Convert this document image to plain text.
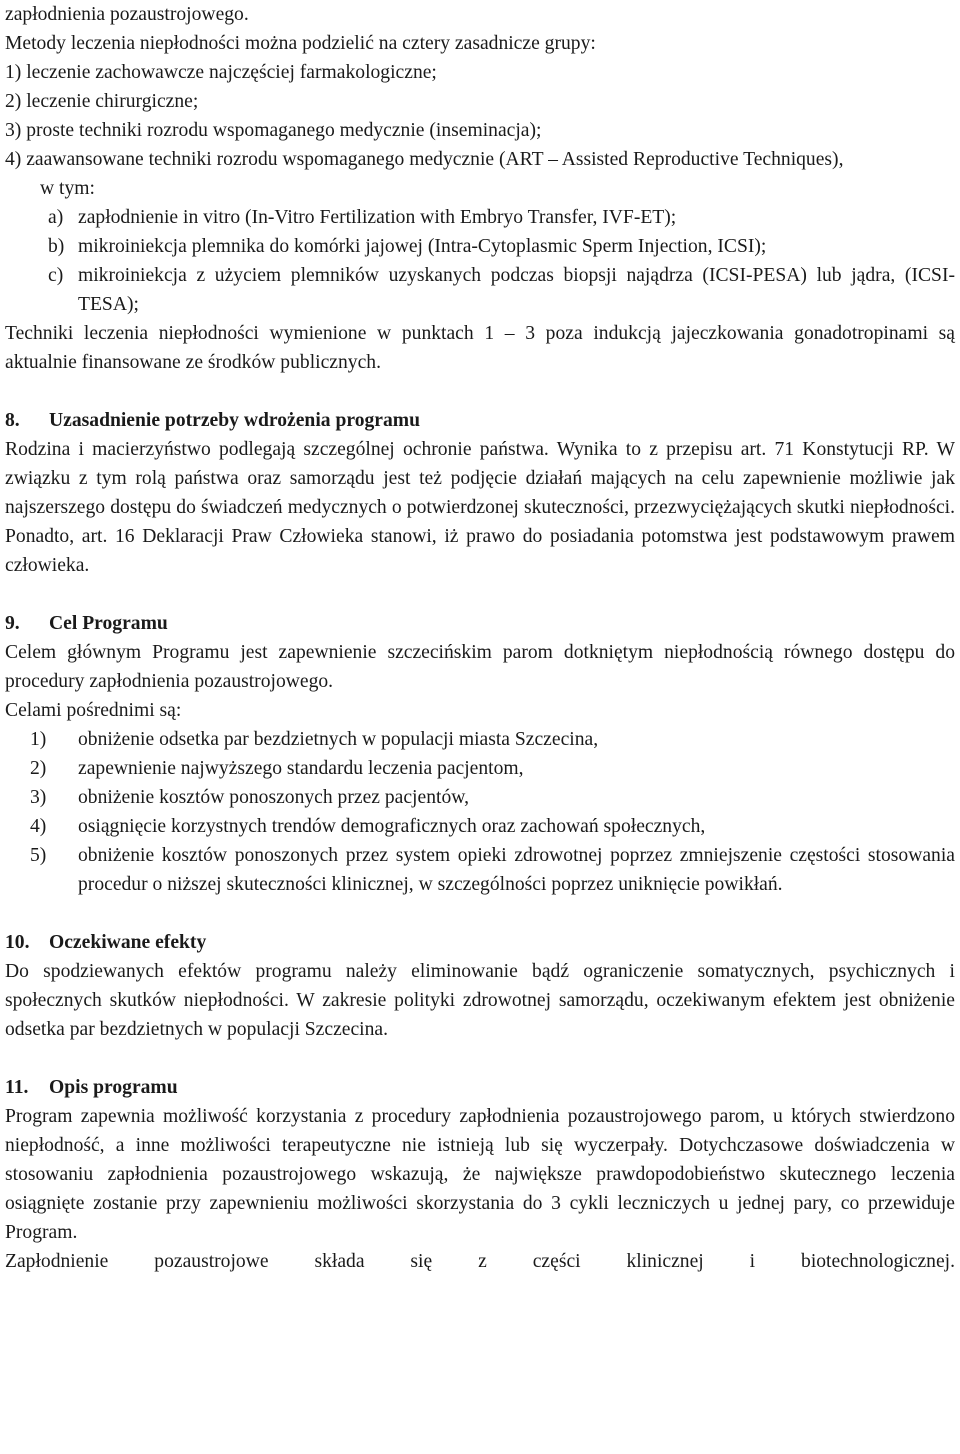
zapłodnienia pozaustrojowego.

Metody leczenia niepłodności można podzielić na cztery zasadnicze grupy:

1) leczenie zachowawcze najczęściej farmakologiczne;
2) leczenie chirurgiczne;
3) proste techniki rozrodu wspomaganego medycznie (inseminacja);
4) zaawansowane techniki rozrodu wspomaganego medycznie (ART – Assisted Reproductive Techniques),

w tym:

a) zapłodnienie in vitro (In-Vitro Fertilization with Embryo Transfer, IVF-ET);
b) mikroiniekcja plemnika do komórki jajowej (Intra-Cytoplasmic Sperm Injection, ICSI);
c) mikroiniekcja z użyciem plemników uzyskanych podczas biopsji najądrza (ICSI-PESA) lub jądra, (ICSI-TESA);

Techniki leczenia niepłodności wymienione w punktach 1 – 3 poza indukcją jajeczkowania gonadotropinami są aktualnie finansowane ze środków publicznych.

8. Uzasadnienie potrzeby wdrożenia programu

Rodzina i macierzyństwo podlegają szczególnej ochronie państwa. Wynika to z przepisu art. 71 Konstytucji RP. W związku z tym rolą państwa oraz samorządu jest też podjęcie działań mających na celu zapewnienie możliwie jak najszerszego dostępu do świadczeń medycznych o potwierdzonej skuteczności, przezwyciężających skutki niepłodności. Ponadto, art. 16 Deklaracji Praw Człowieka stanowi, iż prawo do posiadania potomstwa jest podstawowym prawem człowieka.

9. Cel Programu

Celem głównym Programu jest zapewnienie szczecińskim parom dotkniętym niepłodnością równego dostępu do procedury zapłodnienia pozaustrojowego.

Celami pośrednimi są:

1) obniżenie odsetka par bezdzietnych w populacji miasta Szczecina,
2) zapewnienie najwyższego standardu leczenia pacjentom,
3) obniżenie kosztów ponoszonych przez pacjentów,
4) osiągnięcie korzystnych trendów demograficznych oraz zachowań społecznych,
5) obniżenie kosztów ponoszonych przez system opieki zdrowotnej poprzez zmniejszenie częstości stosowania procedur o niższej skuteczności klinicznej, w szczególności poprzez uniknięcie powikłań.
10. Oczekiwane efekty

Do spodziewanych efektów programu należy eliminowanie bądź ograniczenie somatycznych, psychicznych i społecznych skutków niepłodności. W zakresie polityki zdrowotnej samorządu, oczekiwanym efektem jest obniżenie odsetka par bezdzietnych w populacji Szczecina.

11. Opis programu

Program zapewnia możliwość korzystania z procedury zapłodnienia pozaustrojowego parom, u których stwierdzono niepłodność, a inne możliwości terapeutyczne nie istnieją lub się wyczerpały. Dotychczasowe doświadczenia w stosowaniu zapłodnienia pozaustrojowego wskazują, że największe prawdopodobieństwo skutecznego leczenia osiągnięte zostanie przy zapewnieniu możliwości skorzystania do 3 cykli leczniczych u jednej pary, co przewiduje Program.

Zapłodnienie pozaustrojowe składa się z części klinicznej i biotechnologicznej.
